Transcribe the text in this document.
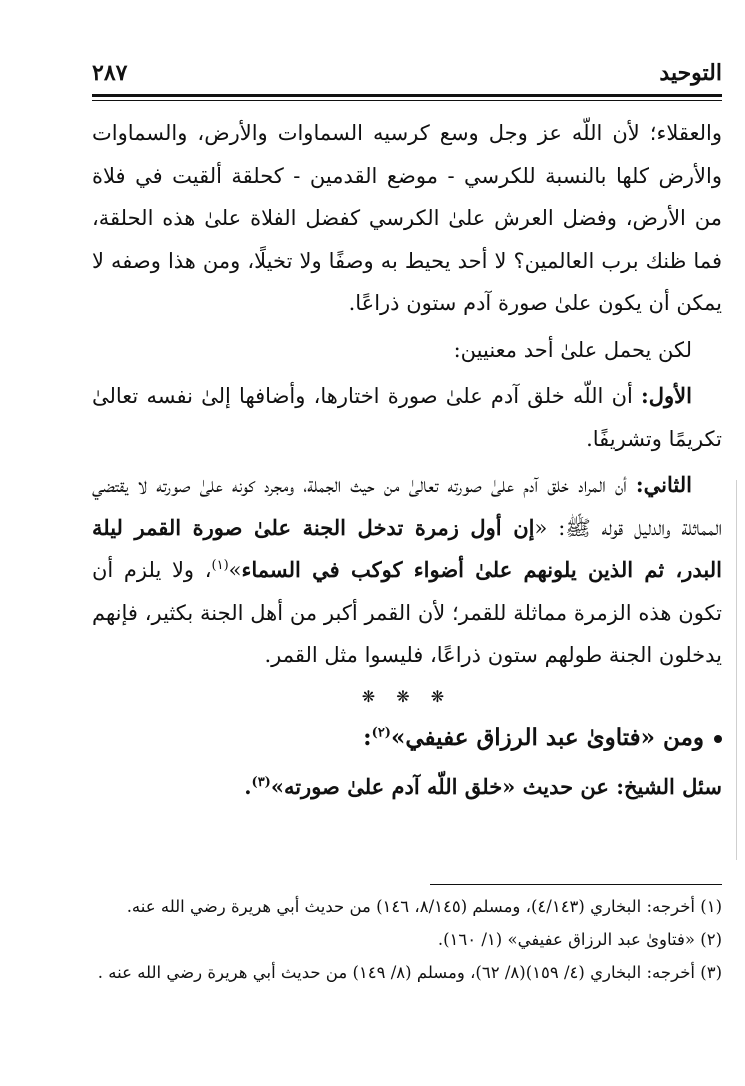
التوحيد
٢٨٧

والعقلاء؛ لأن اللّه عز وجل وسع كرسيه السماوات والأرض، والسماوات والأرض كلها بالنسبة للكرسي - موضع القدمين - كحلقة ألقيت في فلاة من الأرض، وفضل العرش علىٰ الكرسي كفضل الفلاة علىٰ هذه الحلقة، فما ظنك برب العالمين؟ لا أحد يحيط به وصفًا ولا تخيلًا، ومن هذا وصفه لا يمكن أن يكون علىٰ صورة آدم ستون ذراعًا.

لكن يحمل علىٰ أحد معنيين:

الأول: أن اللّه خلق آدم علىٰ صورة اختارها، وأضافها إلىٰ نفسه تعالىٰ تكريمًا وتشريفًا.

الثاني: أن المراد خلق آدم علىٰ صورته تعالىٰ من حيث الجملة، ومجرد كونه علىٰ صورته لا يقتضي المماثلة والدليل قوله ﷺ: «إن أول زمرة تدخل الجنة علىٰ صورة القمر ليلة البدر، ثم الذين يلونهم علىٰ أضواء كوكب في السماء»$^{(١)}$، ولا يلزم أن تكون هذه الزمرة مماثلة للقمر؛ لأن القمر أكبر من أهل الجنة بكثير، فإنهم يدخلون الجنة طولهم ستون ذراعًا، فليسوا مثل القمر.

❋ ❋ ❋
ومن «فتاوىٰ عبد الرزاق عفيفي»$^{(٢)}$:
سئل الشيخ: عن حديث «خلق اللّه آدم علىٰ صورته»$^{(٣)}$.

(١) أخرجه: البخاري (٤/١٤٣)، ومسلم (٨/١٤٥، ١٤٦) من حديث أبي هريرة رضي الله عنه.

(٢) «فتاوىٰ عبد الرزاق عفيفي» (١/ ١٦٠).

(٣) أخرجه: البخاري (٤/ ١٥٩)(٨/ ٦٢)، ومسلم (٨/ ١٤٩) من حديث أبي هريرة رضي الله عنه .
